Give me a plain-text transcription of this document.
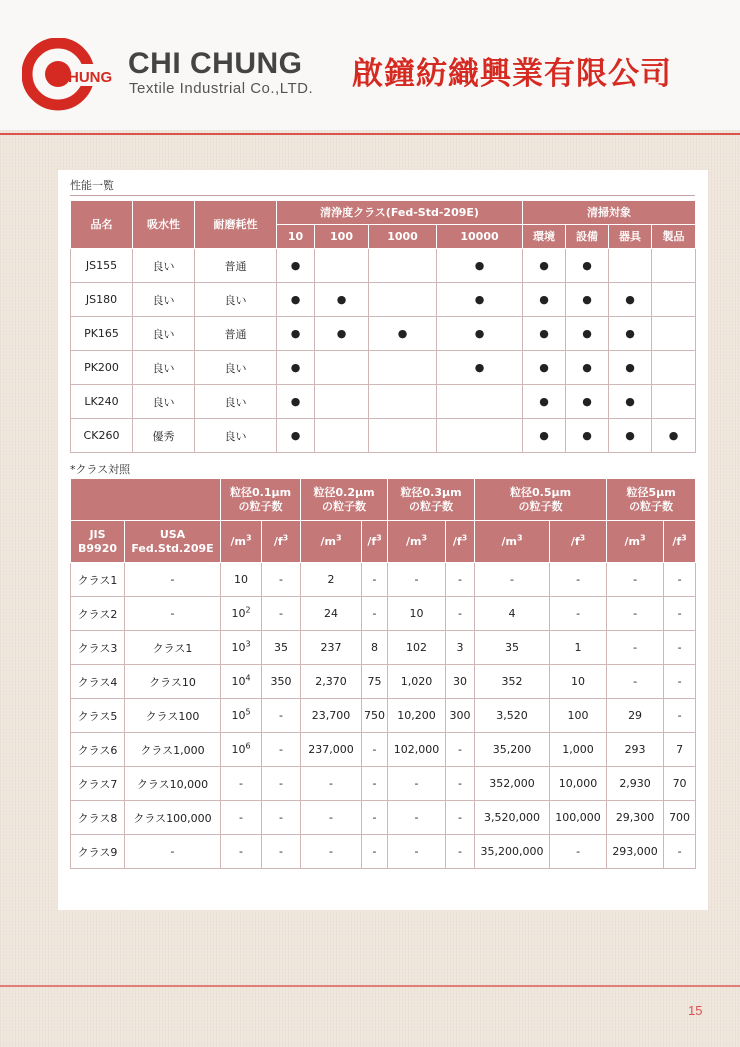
HUNG CHI CHUNG
Textile Industrial Co.,LTD. 啟鐘紡織興業有限公司
性能一覧
品名	吸水性	耐磨耗性	清浄度クラス(Fed-Std-209E)				清掃対象			
			10	100	1000	10000	環境	設備	器具	製品
JS155	良い	普通	●			●	●	●		
JS180	良い	良い	●	●		●	●	●	●	
PK165	良い	普通	●	●	●	●	●	●	●	
PK200	良い	良い	●			●	●	●	●	
LK240	良い	良い	●				●	●	●	
CK260	優秀	良い	●				●	●	●	●
*クラス対照
		粒径0.1μm
の粒子数		粒径0.2μm
の粒子数		粒径0.3μm
の粒子数		粒径0.5μm
の粒子数		粒径5μm
の粒子数	
JIS
B9920	USA
Fed.Std.209E	$/m^3$	$/f^3$	$/m^3$	$/f^3$	$/m^3$	$/f^3$	$/m^3$	$/f^3$	$/m^3$	$/f^3$
クラス1	-	10	-	2	-	-	-	-	-	-	-
クラス2	-	$10^2$	-	24	-	10	-	4	-	-	-
クラス3	クラス1	$10^3$	35	237	8	102	3	35	1	-	-
クラス4	クラス10	$10^4$	350	2,370	75	1,020	30	352	10	-	-
クラス5	クラス100	$10^5$	-	23,700	750	10,200	300	3,520	100	29	-
クラス6	クラス1,000	$10^6$	-	237,000	-	102,000	-	35,200	1,000	293	7
クラス7	クラス10,000	-	-	-	-	-	-	352,000	10,000	2,930	70
クラス8	クラス100,000	-	-	-	-	-	-	3,520,000	100,000	29,300	700
クラス9	-	-	-	-	-	-	-	35,200,000	-	293,000	-
15
